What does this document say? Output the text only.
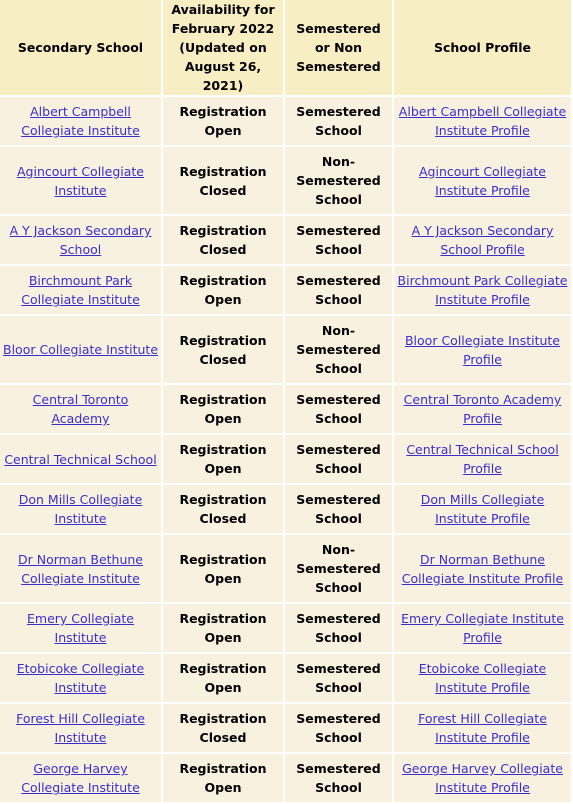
Secondary School	Availability for February 2022 (Updated on August 26, 2021)	Semestered or Non Semestered	School Profile
Albert Campbell Collegiate Institute	Registration Open	Semestered School	Albert Campbell Collegiate Institute Profile
Agincourt Collegiate Institute	Registration Closed	Non-Semestered School	Agincourt Collegiate Institute Profile
A Y Jackson Secondary School	Registration Closed	Semestered School	A Y Jackson Secondary School Profile
Birchmount Park Collegiate Institute	Registration Open	Semestered School	Birchmount Park Collegiate Institute Profile
Bloor Collegiate Institute	Registration Closed	Non-Semestered School	Bloor Collegiate Institute Profile
Central Toronto Academy	Registration Open	Semestered School	Central Toronto Academy Profile
Central Technical School	Registration Open	Semestered School	Central Technical School Profile
Don Mills Collegiate Institute	Registration Closed	Semestered School	Don Mills Collegiate Institute Profile
Dr Norman Bethune Collegiate Institute	Registration Open	Non-Semestered School	Dr Norman Bethune Collegiate Institute Profile
Emery Collegiate Institute	Registration Open	Semestered School	Emery Collegiate Institute Profile
Etobicoke Collegiate Institute	Registration Open	Semestered School	Etobicoke Collegiate Institute Profile
Forest Hill Collegiate Institute	Registration Closed	Semestered School	Forest Hill Collegiate Institute Profile
George Harvey Collegiate Institute	Registration Open	Semestered School	George Harvey Collegiate Institute Profile
